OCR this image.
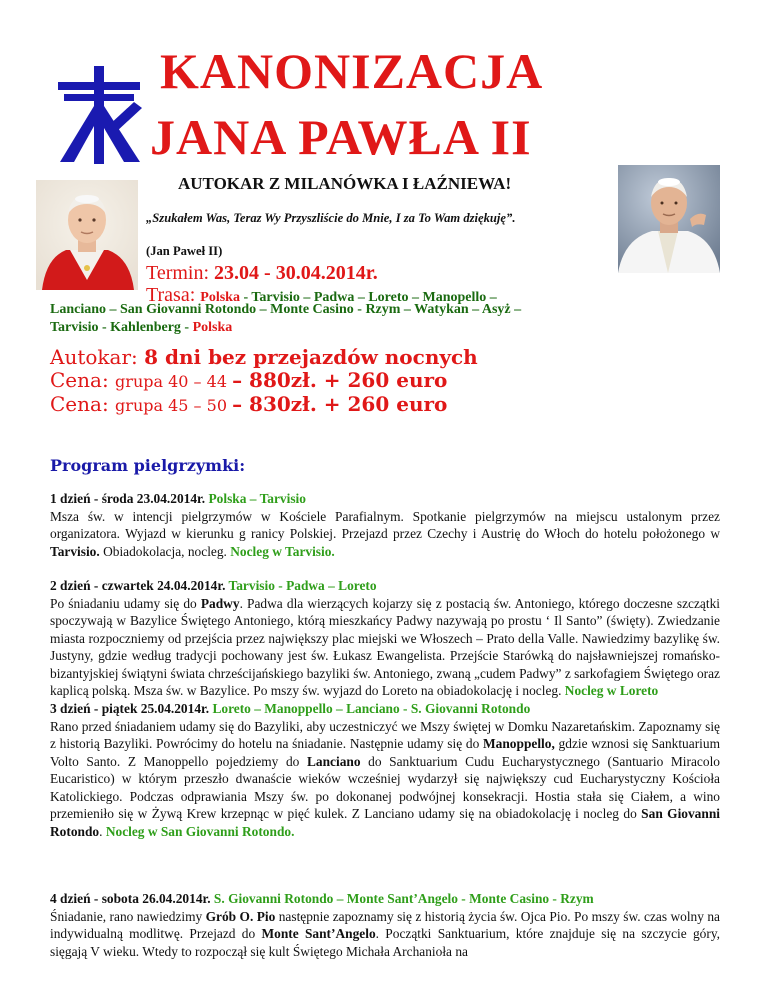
KANONIZACJA
JANA PAWŁA II
AUTOKAR Z MILANÓWKA I ŁAŹNIEWA!
„Szukałem Was, Teraz Wy Przyszliście do Mnie, I za To Wam dziękuję”.
(Jan Paweł II)
Termin: 23.04 - 30.04.2014r.
Trasa: Polska - Tarvisio – Padwa – Loreto – Manopello –
Lanciano – San Giovanni Rotondo – Monte Casino - Rzym – Watykan – Asyż –
Tarvisio - Kahlenberg - Polska
Autokar: 8 dni bez przejazdów nocnych
Cena: grupa 40 – 44 – 880zł. + 260 euro
Cena: grupa 45 – 50 – 830zł. + 260 euro
Program pielgrzymki:
1 dzień - środa 23.04.2014r. Polska – Tarvisio
Msza św. w intencji pielgrzymów w Kościele Parafialnym. Spotkanie pielgrzymów na miejscu ustalonym przez organizatora. Wyjazd w kierunku g ranicy Polskiej. Przejazd przez Czechy i Austrię do Włoch do hotelu położonego w Tarvisio. Obiadokolacja, nocleg. Nocleg w Tarvisio.
2 dzień - czwartek 24.04.2014r. Tarvisio - Padwa – Loreto
Po śniadaniu udamy się do Padwy. Padwa dla wierzących kojarzy się z postacią św. Antoniego, którego doczesne szczątki spoczywają w Bazylice Świętego Antoniego, którą mieszkańcy Padwy nazywają po prostu ‘ Il Santo” (święty). Zwiedzanie miasta rozpoczniemy od przejścia przez największy plac miejski we Włoszech – Prato della Valle. Nawiedzimy bazylikę św. Justyny, gdzie według tradycji pochowany jest św. Łukasz Ewangelista. Przejście Starówką do najsławniejszej romańsko-bizantyjskiej świątyni świata chrześcijańskiego bazyliki św. Antoniego, zwaną „cudem Padwy” z sarkofagiem Świętego oraz kaplicą polską. Msza św. w Bazylice. Po mszy św. wyjazd do Loreto na obiadokolację i nocleg. Nocleg w Loreto
3 dzień - piątek 25.04.2014r. Loreto – Manoppello – Lanciano - S. Giovanni Rotondo
Rano przed śniadaniem udamy się do Bazyliki, aby uczestniczyć we Mszy świętej w Domku Nazaretańskim. Zapoznamy się z historią Bazyliki. Powrócimy do hotelu na śniadanie. Następnie udamy się do Manoppello, gdzie wznosi się Sanktuarium Volto Santo. Z Manoppello pojedziemy do Lanciano do Sanktuarium Cudu Eucharystycznego (Santuario Miracolo Eucaristico) w którym przeszło dwanaście wieków wcześniej wydarzył się największy cud Eucharystyczny Kościoła Katolickiego. Podczas odprawiania Mszy św. po dokonanej podwójnej konsekracji. Hostia stała się Ciałem, a wino przemieniło się w Żywą Krew krzepnąc w pięć kulek. Z Lanciano udamy się na obiadokolację i nocleg do San Giovanni Rotondo. Nocleg w San Giovanni Rotondo.
4 dzień - sobota 26.04.2014r. S. Giovanni Rotondo – Monte Sant’Angelo - Monte Casino - Rzym
Śniadanie, rano nawiedzimy Grób O. Pio następnie zapoznamy się z historią życia św. Ojca Pio. Po mszy św. czas wolny na indywidualną modlitwę. Przejazd do Monte Sant’Angelo. Początki Sanktuarium, które znajduje się na szczycie góry, sięgają V wieku. Wtedy to rozpoczął się kult Świętego Michała Archanioła na
